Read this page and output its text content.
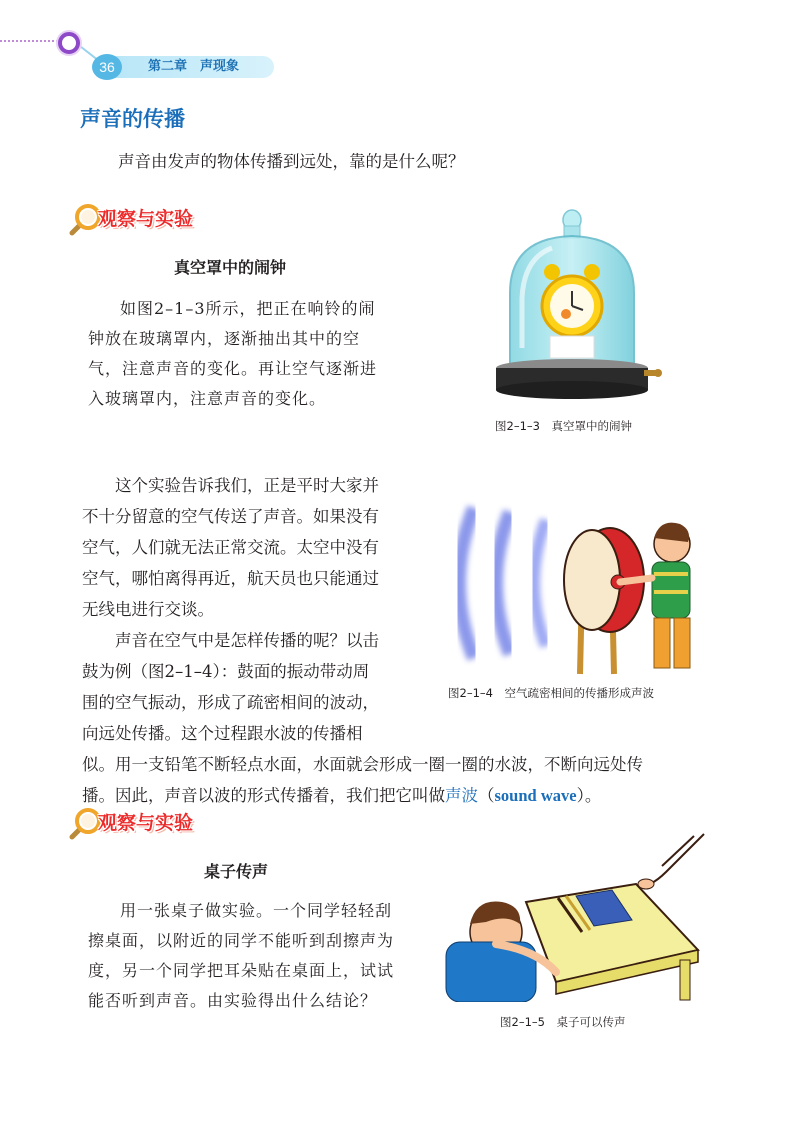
36	第二章　声现象
声音的传播
声音由发声的物体传播到远处，靠的是什么呢？
观察与实验
真空罩中的闹钟
如图2–1–3所示，把正在响铃的闹
钟放在玻璃罩内，逐渐抽出其中的空
气，注意声音的变化。再让空气逐渐进
入玻璃罩内，注意声音的变化。
图2–1–3　真空罩中的闹钟
这个实验告诉我们，正是平时大家并
不十分留意的空气传送了声音。如果没有
空气，人们就无法正常交流。太空中没有
空气，哪怕离得再近，航天员也只能通过
无线电进行交谈。
声音在空气中是怎样传播的呢？以击
鼓为例（图2–1–4）：鼓面的振动带动周
围的空气振动，形成了疏密相间的波动，
向远处传播。这个过程跟水波的传播相
似。用一支铅笔不断轻点水面，水面就会形成一圈一圈的水波，不断向远处传
播。因此，声音以波的形式传播着，我们把它叫做声波（sound wave）。
图2–1–4　空气疏密相间的传播形成声波
观察与实验
桌子传声
用一张桌子做实验。一个同学轻轻刮
擦桌面，以附近的同学不能听到刮擦声为
度，另一个同学把耳朵贴在桌面上，试试
能否听到声音。由实验得出什么结论？
图2–1–5　桌子可以传声
